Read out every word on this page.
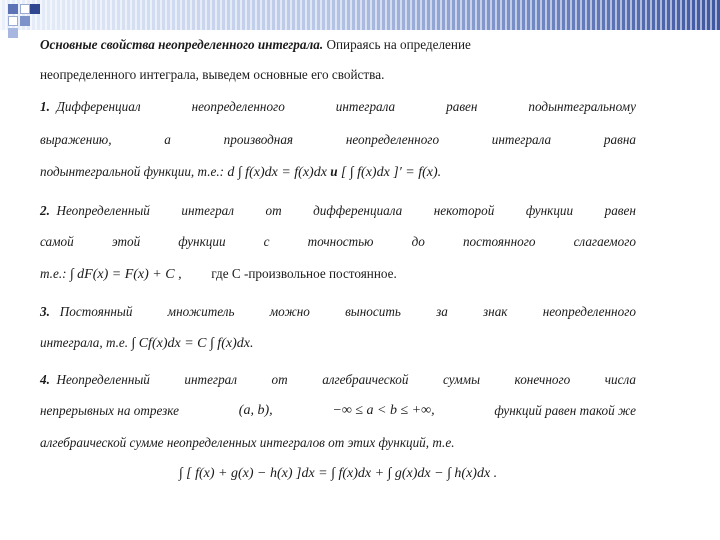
Основные свойства неопределенного интеграла. Опираясь на определение
неопределенного интеграла, выведем основные его свойства.
1. Дифференциал	неопределенного	интеграла	равен	подынтегральному
выражению,	а	производная	неопределенного	интеграла	равна
подынтегральной функции, т.е.: d ∫ f(x)dx = f(x)dx и [ ∫ f(x)dx ]′ = f(x).
2. Неопределенный интеграл от дифференциала некоторой функции равен
самой	этой	функции	с	точностью	до	постоянного	слагаемого
т.е.: ∫ dF(x) = F(x) + C , где C -произвольное постоянное.
3. Постоянный	множитель	можно	выносить	за	знак	неопределенного
интеграла, т.е. ∫ Cf(x)dx = C ∫ f(x)dx.
4. Неопределенный	интеграл	от	алгебраической	суммы	конечного	числа
непрерывных на отрезке	(a, b),	−∞ ≤ a < b ≤ +∞,	функций равен такой же
алгебраической сумме неопределенных интегралов от этих функций, т.е.
∫ [ f(x) + g(x) − h(x) ]dx = ∫ f(x)dx + ∫ g(x)dx − ∫ h(x)dx .
